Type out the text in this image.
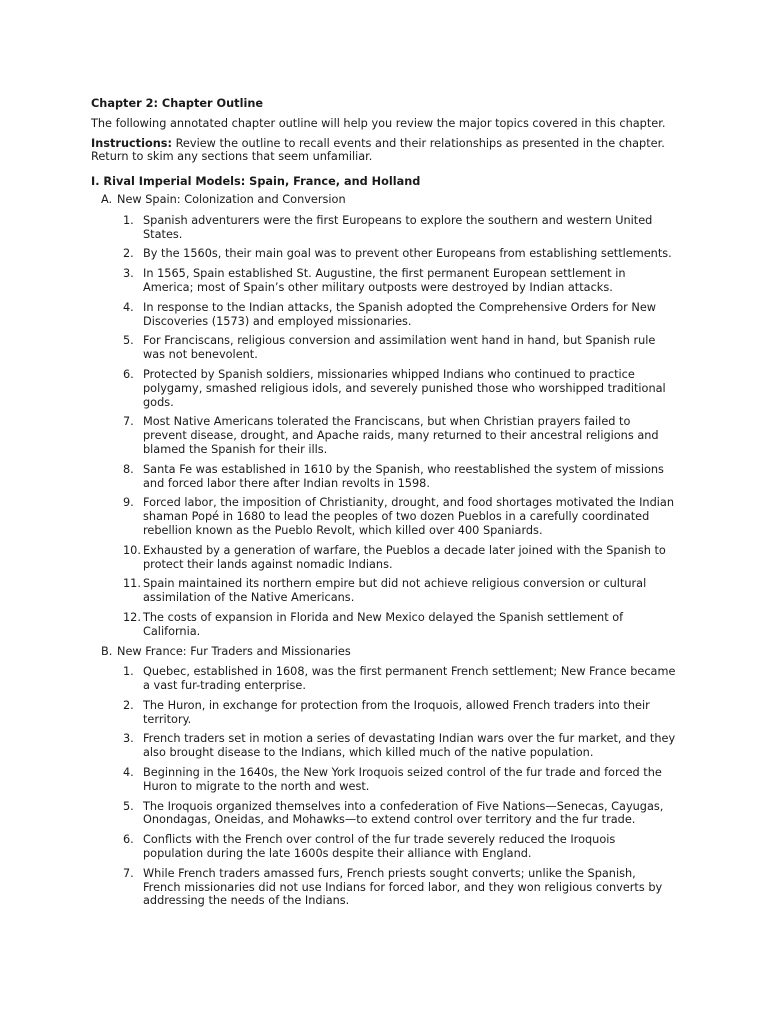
Chapter 2: Chapter Outline
The following annotated chapter outline will help you review the major topics covered in this chapter.
Instructions: Review the outline to recall events and their relationships as presented in the chapter. Return to skim any sections that seem unfamiliar.
I. Rival Imperial Models: Spain, France, and Holland
A. New Spain: Colonization and Conversion
1. Spanish adventurers were the first Europeans to explore the southern and western United States.
2. By the 1560s, their main goal was to prevent other Europeans from establishing settlements.
3. In 1565, Spain established St. Augustine, the first permanent European settlement in America; most of Spain’s other military outposts were destroyed by Indian attacks.
4. In response to the Indian attacks, the Spanish adopted the Comprehensive Orders for New Discoveries (1573) and employed missionaries.
5. For Franciscans, religious conversion and assimilation went hand in hand, but Spanish rule was not benevolent.
6. Protected by Spanish soldiers, missionaries whipped Indians who continued to practice polygamy, smashed religious idols, and severely punished those who worshipped traditional gods.
7. Most Native Americans tolerated the Franciscans, but when Christian prayers failed to prevent disease, drought, and Apache raids, many returned to their ancestral religions and blamed the Spanish for their ills.
8. Santa Fe was established in 1610 by the Spanish, who reestablished the system of missions and forced labor there after Indian revolts in 1598.
9. Forced labor, the imposition of Christianity, drought, and food shortages motivated the Indian shaman Popé in 1680 to lead the peoples of two dozen Pueblos in a carefully coordinated rebellion known as the Pueblo Revolt, which killed over 400 Spaniards.
10. Exhausted by a generation of warfare, the Pueblos a decade later joined with the Spanish to protect their lands against nomadic Indians.
11. Spain maintained its northern empire but did not achieve religious conversion or cultural assimilation of the Native Americans.
12. The costs of expansion in Florida and New Mexico delayed the Spanish settlement of California.
B. New France: Fur Traders and Missionaries
1. Quebec, established in 1608, was the first permanent French settlement; New France became a vast fur-trading enterprise.
2. The Huron, in exchange for protection from the Iroquois, allowed French traders into their territory.
3. French traders set in motion a series of devastating Indian wars over the fur market, and they also brought disease to the Indians, which killed much of the native population.
4. Beginning in the 1640s, the New York Iroquois seized control of the fur trade and forced the Huron to migrate to the north and west.
5. The Iroquois organized themselves into a confederation of Five Nations—Senecas, Cayugas, Onondagas, Oneidas, and Mohawks—to extend control over territory and the fur trade.
6. Conflicts with the French over control of the fur trade severely reduced the Iroquois population during the late 1600s despite their alliance with England.
7. While French traders amassed furs, French priests sought converts; unlike the Spanish, French missionaries did not use Indians for forced labor, and they won religious converts by addressing the needs of the Indians.
